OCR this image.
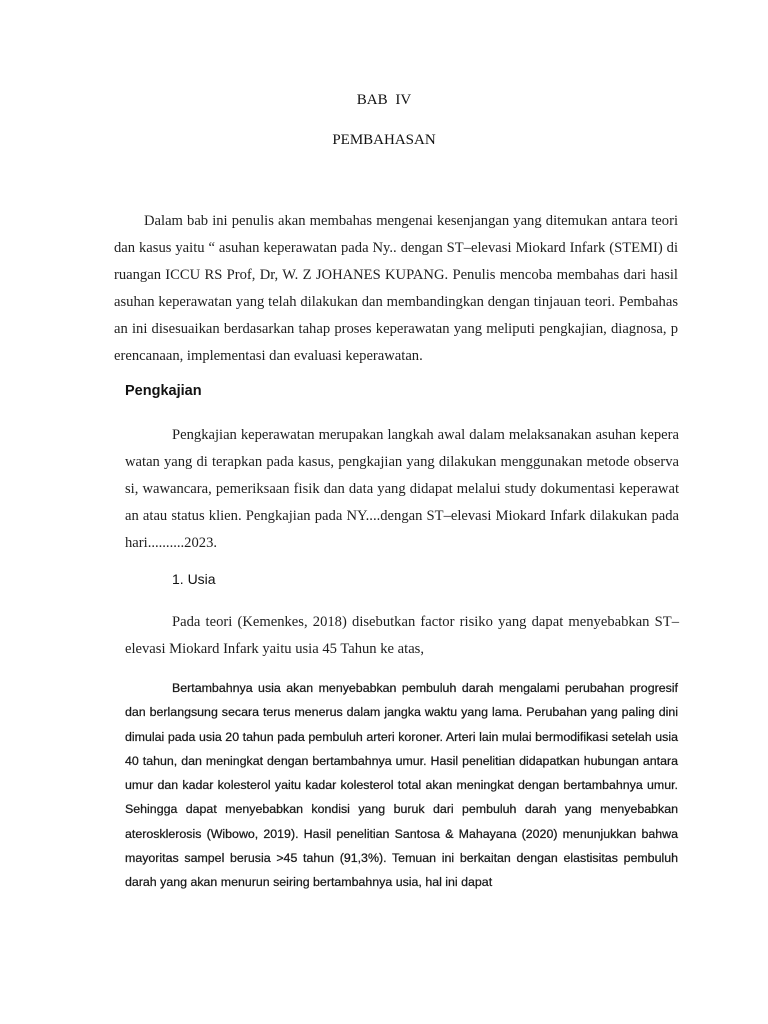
BAB IV
PEMBAHASAN

Dalam bab ini penulis akan membahas mengenai kesenjangan yang ditemukan antara teori dan kasus yaitu “ asuhan keperawatan pada Ny.. dengan ST–elevasi Miokard Infark (STEMI) di ruangan ICCU RS Prof, Dr, W. Z JOHANES KUPANG. Penulis mencoba membahas dari hasil asuhan keperawatan yang telah dilakukan dan membandingkan dengan tinjauan teori. Pembahasan ini disesuaikan berdasarkan tahap proses keperawatan yang meliputi pengkajian, diagnosa, perencanaan, implementasi dan evaluasi keperawatan.

Pengkajian

Pengkajian keperawatan merupakan langkah awal dalam melaksanakan asuhan keperawatan yang di terapkan pada kasus, pengkajian yang dilakukan menggunakan metode observasi, wawancara, pemeriksaan fisik dan data yang didapat melalui study dokumentasi keperawatan atau status klien. Pengkajian pada NY....dengan ST–elevasi Miokard Infark dilakukan pada hari..........2023.

1. Usia

Pada teori (Kemenkes, 2018) disebutkan factor risiko yang dapat menyebabkan ST–elevasi Miokard Infark yaitu usia 45 Tahun ke atas,

Bertambahnya usia akan menyebabkan pembuluh darah mengalami perubahan progresif dan berlangsung secara terus menerus dalam jangka waktu yang lama. Perubahan yang paling dini dimulai pada usia 20 tahun pada pembuluh arteri koroner. Arteri lain mulai bermodifikasi setelah usia 40 tahun, dan meningkat dengan bertambahnya umur. Hasil penelitian didapatkan hubungan antara umur dan kadar kolesterol yaitu kadar kolesterol total akan meningkat dengan bertambahnya umur. Sehingga dapat menyebabkan kondisi yang buruk dari pembuluh darah yang menyebabkan aterosklerosis (Wibowo, 2019). Hasil penelitian Santosa & Mahayana (2020) menunjukkan bahwa mayoritas sampel berusia >45 tahun (91,3%). Temuan ini berkaitan dengan elastisitas pembuluh darah yang akan menurun seiring bertambahnya usia, hal ini dapat
